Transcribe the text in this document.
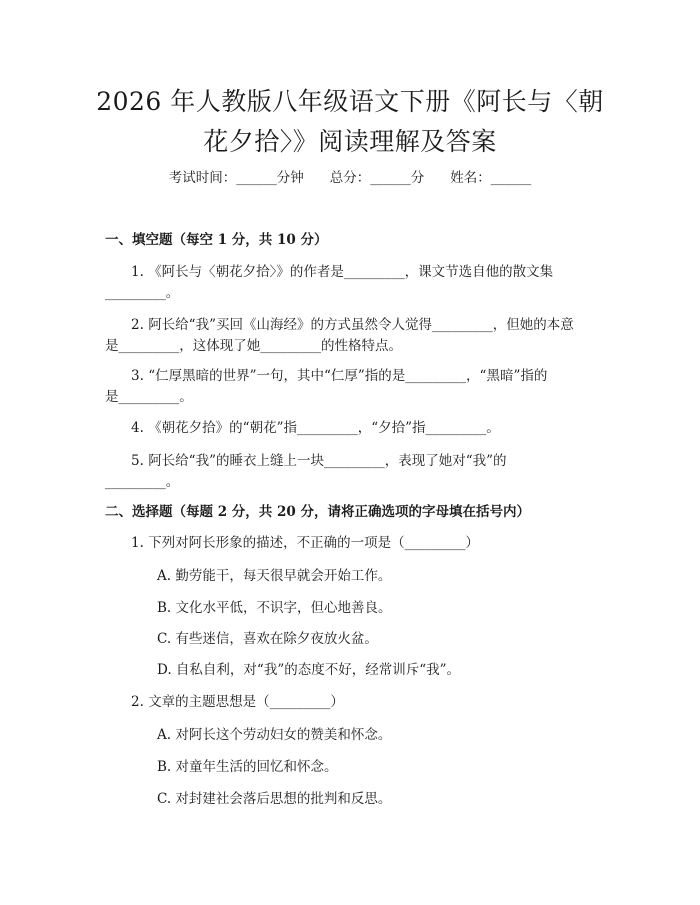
2026 年人教版八年级语文下册《阿长与〈朝
花夕拾〉》阅读理解及答案
考试时间：______分钟 总分：______分 姓名：______
一、填空题（每空 1 分，共 10 分）
1. 《阿长与〈朝花夕拾〉》的作者是_________，课文节选自他的散文集
_________。
2. 阿长给“我”买回《山海经》的方式虽然令人觉得_________，但她的本意
是_________，这体现了她_________的性格特点。
3. “仁厚黑暗的世界”一句，其中“仁厚”指的是_________，“黑暗”指的
是_________。
4. 《朝花夕拾》的“朝花”指_________，“夕拾”指_________。
5. 阿长给“我”的睡衣上缝上一块_________，表现了她对“我”的
_________。
二、选择题（每题 2 分，共 20 分，请将正确选项的字母填在括号内）
1. 下列对阿长形象的描述，不正确的一项是（_________）
A. 勤劳能干，每天很早就会开始工作。
B. 文化水平低，不识字，但心地善良。
C. 有些迷信，喜欢在除夕夜放火盆。
D. 自私自利，对“我”的态度不好，经常训斥“我”。
2. 文章的主题思想是（_________）
A. 对阿长这个劳动妇女的赞美和怀念。
B. 对童年生活的回忆和怀念。
C. 对封建社会落后思想的批判和反思。
